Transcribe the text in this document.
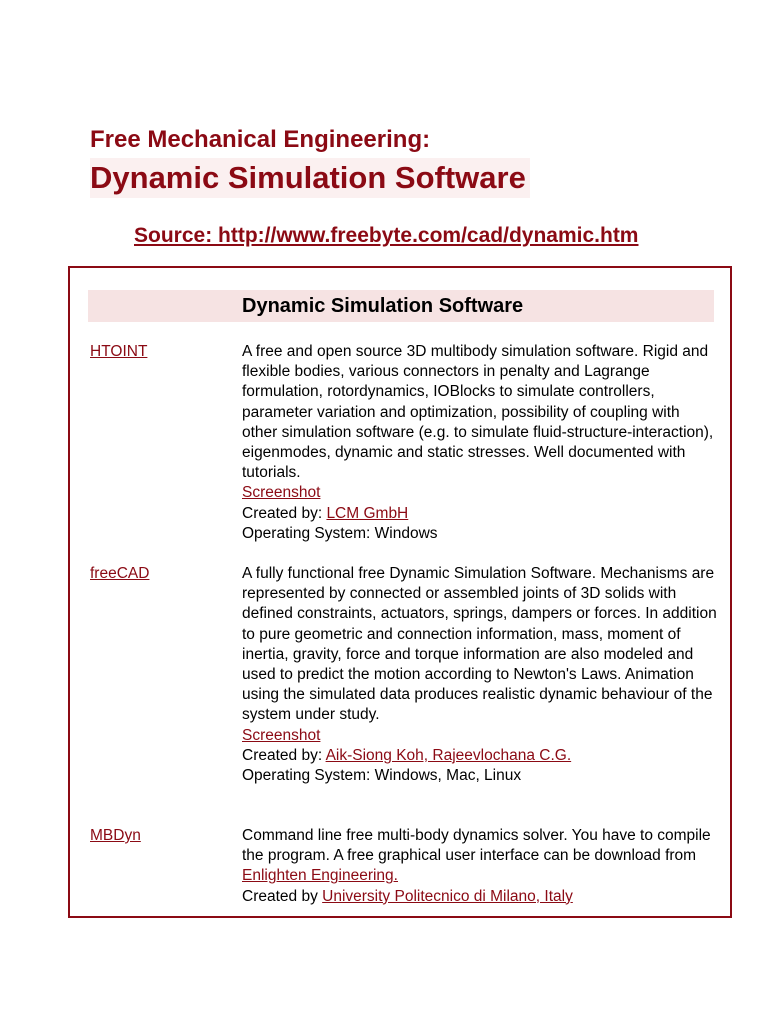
Free Mechanical Engineering:
Dynamic Simulation Software
Source: http://www.freebyte.com/cad/dynamic.htm
Dynamic Simulation Software
HTOINT	A free and open source 3D multibody simulation software. Rigid and flexible bodies, various connectors in penalty and Lagrange formulation, rotordynamics, IOBlocks to simulate controllers, parameter variation and optimization, possibility of coupling with other simulation software (e.g. to simulate fluid-structure-interaction), eigenmodes, dynamic and static stresses. Well documented with tutorials.
Screenshot
Created by: LCM GmbH
Operating System: Windows
freeCAD	A fully functional free Dynamic Simulation Software. Mechanisms are represented by connected or assembled joints of 3D solids with defined constraints, actuators, springs, dampers or forces. In addition to pure geometric and connection information, mass, moment of inertia, gravity, force and torque information are also modeled and used to predict the motion according to Newton's Laws. Animation using the simulated data produces realistic dynamic behaviour of the system under study.
Screenshot
Created by: Aik-Siong Koh, Rajeevlochana C.G.
Operating System: Windows, Mac, Linux
MBDyn	Command line free multi-body dynamics solver. You have to compile the program. A free graphical user interface can be download from Enlighten Engineering.
Created by University Politecnico di Milano, Italy
